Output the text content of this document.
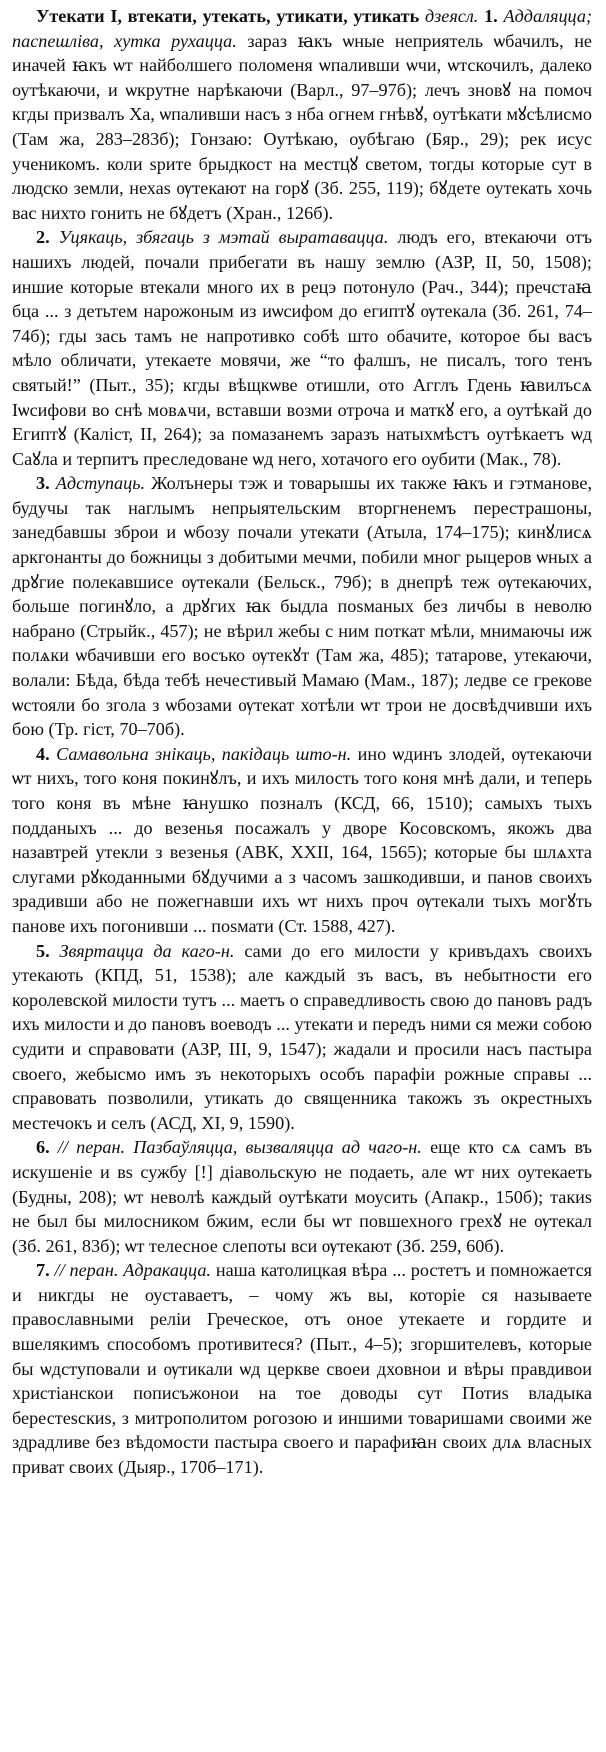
Утекати I, втекати, утекать, утикати, утикать дзеясл. 1. Аддаляцца; паспешліва, хутка рухацца. зараз ꙗкъ ѡные неприятель ѡбачилъ, не иначей ꙗкъ ѡт найболшего поломеня ѡпаливши ѡчи, ѡтскочилъ, далеко оутѣкаючи, и ѡкрутне нарѣкаючи (Варл., 97–97б); лечъ зновꙋ на помоч кгды призвалъ Ха, ѡпаливши насъ з нба огнем гнѣвꙋ, оутѣкати мꙋсѣлисмо (Там жа, 283–283б); Гонзаю: Оутѣкаю, оубѣгаю (Бяр., 29); рек исус ученикомъ. коли ѕрите брыдкост на местцꙋ светом, тогды которые сут в людско земли, нехаѕ ѹтекают на горꙋ (Зб. 255, 119); бꙋдете оутекать хочь вас нихто гонить не бꙋдетъ (Хран., 126б).

2. Уцякаць, збягаць з мэтай выратавацца. людъ его, втекаючи отъ нашихъ людей, почали прибегати въ нашу землю (АЗР, II, 50, 1508); иншие которые втекали много их в рецэ потонуло (Рач., 344); пречстаꙗ бца ... з детьтем нарожоным из иѡсифом до египтꙋ ѹтекала (Зб. 261, 74–74б); гды зась тамъ не напротивко собѣ што обачите, которое бы васъ мѣло обличати, утекаете мовячи, же “то фалшъ, не писалъ, того тенъ святый!” (Пыт., 35); кгды вѣщкѡве отишли, ото Агглъ Гдень ꙗвилъсѧ Іѡсифови во снѣ мовѧчи, вставши возми отроча и маткꙋ его, а оутѣкай до Египтꙋ (Каліст, II, 264); за помазанемъ заразъ натыхмѣстъ оутѣкаетъ ѡд Саꙋла и терпитъ преследоване ѡд него, хотачого его оубити (Мак., 78).

3. Адступаць. Жолънеры тэж и товарышы их также ꙗкъ и гэтманове, будучы так наглымъ непрыятельским вторгненемъ перестрашоны, занедбавшы зброи и ѡбозу почали утекати (Атыла, 174–175); кинꙋлисѧ аркгонанты до божницы з добитыми мечми, побили мног рыцеров ѡных а дрꙋгие полекавшисе ѹтекали (Бельск., 79б); в днепрѣ теж ѹтекаючих, больше погинꙋло, а дрꙋгих ꙗк быдла поѕманых без личбы в неволю набрано (Стрыйк., 457); не вѣрил жебы с ним поткат мѣли, мнимаючы иж полѧки ѡбачивши его восъко ѹтекꙋт (Там жа, 485); татарове, утекаючи, волали: Бѣда, бѣда тебѣ нечестивый Мамаю (Мам., 187); ледве се грекове ѡстояли бо зголa з ѡбозами ѹтекат хотѣли ѡт трои не досвѣдчивши ихъ бою (Тр. гіст, 70–70б).

4. Самавольна знікаць, пакідаць што-н. ино ѡдинъ злодей, ѹтекаючи ѡт нихъ, того коня покинꙋлъ, и ихъ милость того коня мнѣ дали, и теперь того коня въ мѣне ꙗнушко позналъ (КСД, 66, 1510); самыхъ тыхъ подданыхъ ... до везенья посажалъ у дворе Косовскомъ, якожъ два назавтрей утекли з везенья (АВК, XXII, 164, 1565); которые бы шлѧхта слугами рꙋкоданными бꙋдучими а з часомъ зашкодивши, и панов своихъ зрадивши або не пожегнавши ихъ ѡт нихъ проч ѹтекали тыхъ могꙋть панове ихъ погонивши ... поѕмати (Ст. 1588, 427).

5. Звяртацца да каго-н. сами до его милости у кривъдахъ своихъ утекають (КПД, 51, 1538); але каждый зъ васъ, въ небытности его королевской милости тутъ ... маетъ о справедливость свою до пановъ радъ ихъ милости и до пановъ воеводъ ... утекати и передъ ними ся межи собою судити и справовати (АЗР, III, 9, 1547); жадали и просили насъ пастыра своего, жебысмо имъ зъ некоторыхъ особъ парафіи рожные справы ... справовать позволили, утикать до священника такожъ зъ окрестныхъ местечокъ и селъ (АСД, XI, 9, 1590).

6. // перан. Пазбаўляцца, вызваляцца ад чаго-н. еще кто сѧ самъ въ искушеніе и вѕ сужбу [!] діавольскую не подаеть, але ѡт них оутекаеть (Будны, 208); ѡт неволѣ каждый оутѣкати моусить (Апакр., 150б); такиѕ не был бы милосником бжим, если бы ѡт повшехного грехꙋ не ѹтекал (Зб. 261, 83б); ѡт телесное слепоты вси ѹтекают (Зб. 259, 60б).

7. // перан. Адракацца. наша католицкая вѣра ... ростетъ и помножается и никгды не оуставаетъ, – чому жъ вы, которіе ся называете православными реліи Греческое, отъ оное утекаете и гордите и вшелякимъ способомъ противитеся? (Пыт., 4–5); згоршителевъ, которые бы ѡдступовали и ѹтикали ѡд церкве своеи дховнои и вѣры правдивои христіанскои пописъжонои на тое доводы сут Потиѕ владыка берестеѕскиѕ, з митрополитом рогозою и иншими товаришами своими же здрадливе без вѣдомости пастыра своего и парафиꙗн своих длѧ власных приват своих (Дыяр., 170б–171).
